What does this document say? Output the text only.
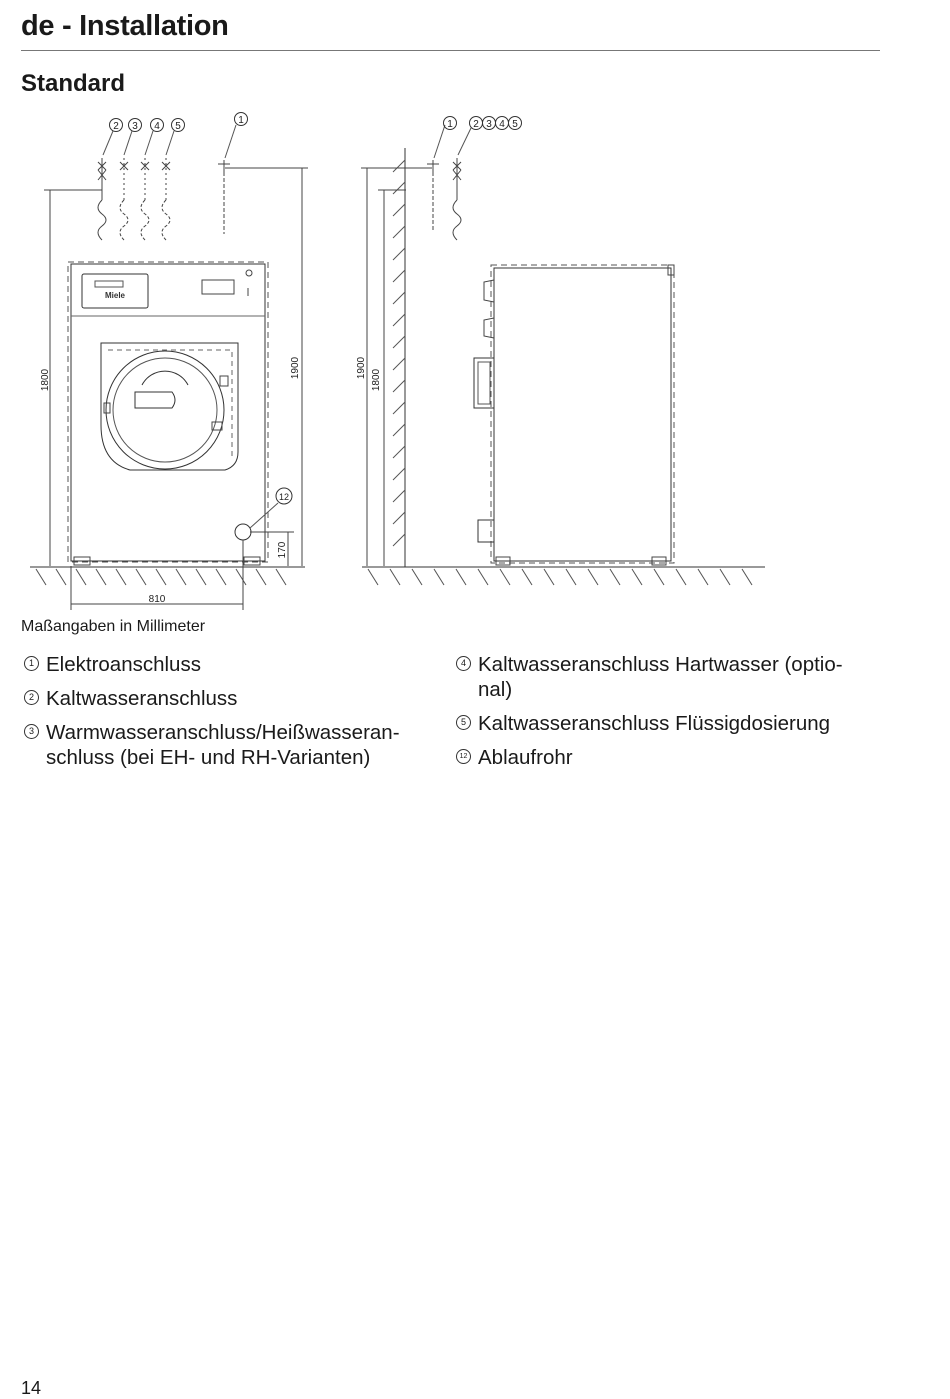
de - Installation
Standard
2 3 4 5
1
12
1 2 3 4 5
Miele
1800
1900
170
810
1900
1800
Maßangaben in Millimeter
1 Elektroanschluss
2 Kaltwasseranschluss
3 Warmwasseranschluss/Heißwasseran-
schluss (bei EH- und RH-Varianten)
4 Kaltwasseranschluss Hartwasser (optio-
nal)
5 Kaltwasseranschluss Flüssigdosierung
12 Ablaufrohr
14
